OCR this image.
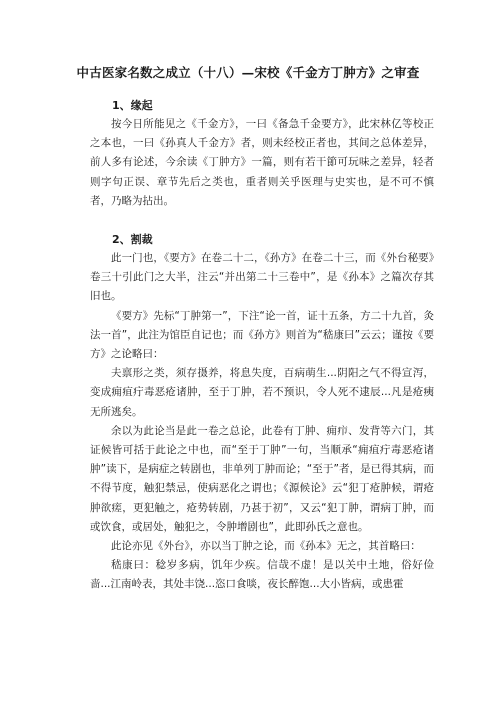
中古医家名数之成立（十八）—宋校《千金方丁肿方》之审查

1、缘起

按今日所能见之《千金方》，一曰《备急千金要方》，此宋林亿等校正之本也，一曰《孙真人千金方》者，则未经校正者也，其间之总体差异，前人多有论述，今余读《丁肿方》一篇，则有若干節可玩味之差异，轻者则字句正误、章节先后之类也，重者则关乎医理与史实也，是不可不慎者，乃略为拈出。

2、割裁

此一门也，《要方》在卷二十二，《孙方》在卷二十三，而《外台秘要》卷三十引此门之大半，注云“并出第二十三卷中”，是《孙本》之篇次存其旧也。

《要方》先标“丁肿第一”，下注“论一首，证十五条，方二十九首，灸法一首”，此注为馆臣自记也；而《孙方》则首为“嵇康曰”云云；谨按《要方》之论略曰：

夫禀形之类，须存摄养，将息失度，百病萌生...阴阳之气不得宣泻，变成痈疽疔毒恶疮诸肿，至于丁肿，若不预识，令人死不逮辰...凡是疮痍无所逃矣。

余以为此论当是此一卷之总论，此卷有丁肿、痈疖、发背等六门，其证候皆可括于此论之中也，而“至于丁肿”一句，当顺承“痈疽疔毒恶疮诸肿”读下，是病症之转剧也，非单列丁肿而论；“至于”者，是已得其病，而不得节度，触犯禁忌，使病恶化之谓也；《源候论》云“犯丁疮肿候，谓疮肿欲瘥，更犯触之，疮势转剧，乃甚于初”，又云“犯丁肿，谓病丁肿，而或饮食，或居处，触犯之，令肿增剧也”，此即孙氏之意也。

此论亦见《外台》，亦以当丁肿之论，而《孙本》无之，其首略曰：

嵇康曰：稔岁多病，饥年少疾。信哉不虚！是以关中土地，俗好俭啬...江南岭表，其处丰饶...恣口食啖，夜长醉饱...大小皆病，或患霍
